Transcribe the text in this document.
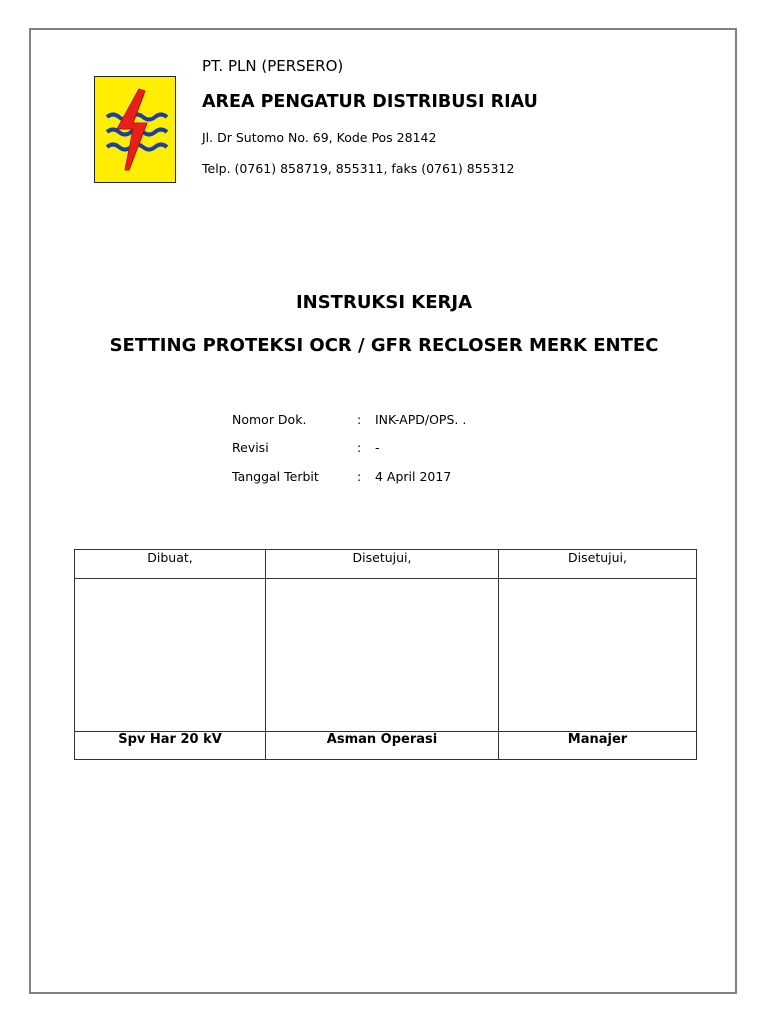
PT. PLN (PERSERO)
AREA PENGATUR DISTRIBUSI RIAU
Jl. Dr Sutomo No. 69, Kode Pos 28142
Telp. (0761) 858719, 855311, faks (0761) 855312
INSTRUKSI KERJA
SETTING PROTEKSI OCR / GFR RECLOSER MERK ENTEC
Nomor Dok.	: INK-APD/OPS. .
Revisi	: -
Tanggal Terbit	: 4 April 2017
Dibuat,	Disetujui,	Disetujui,

Spv Har 20 kV	Asman Operasi	Manajer
